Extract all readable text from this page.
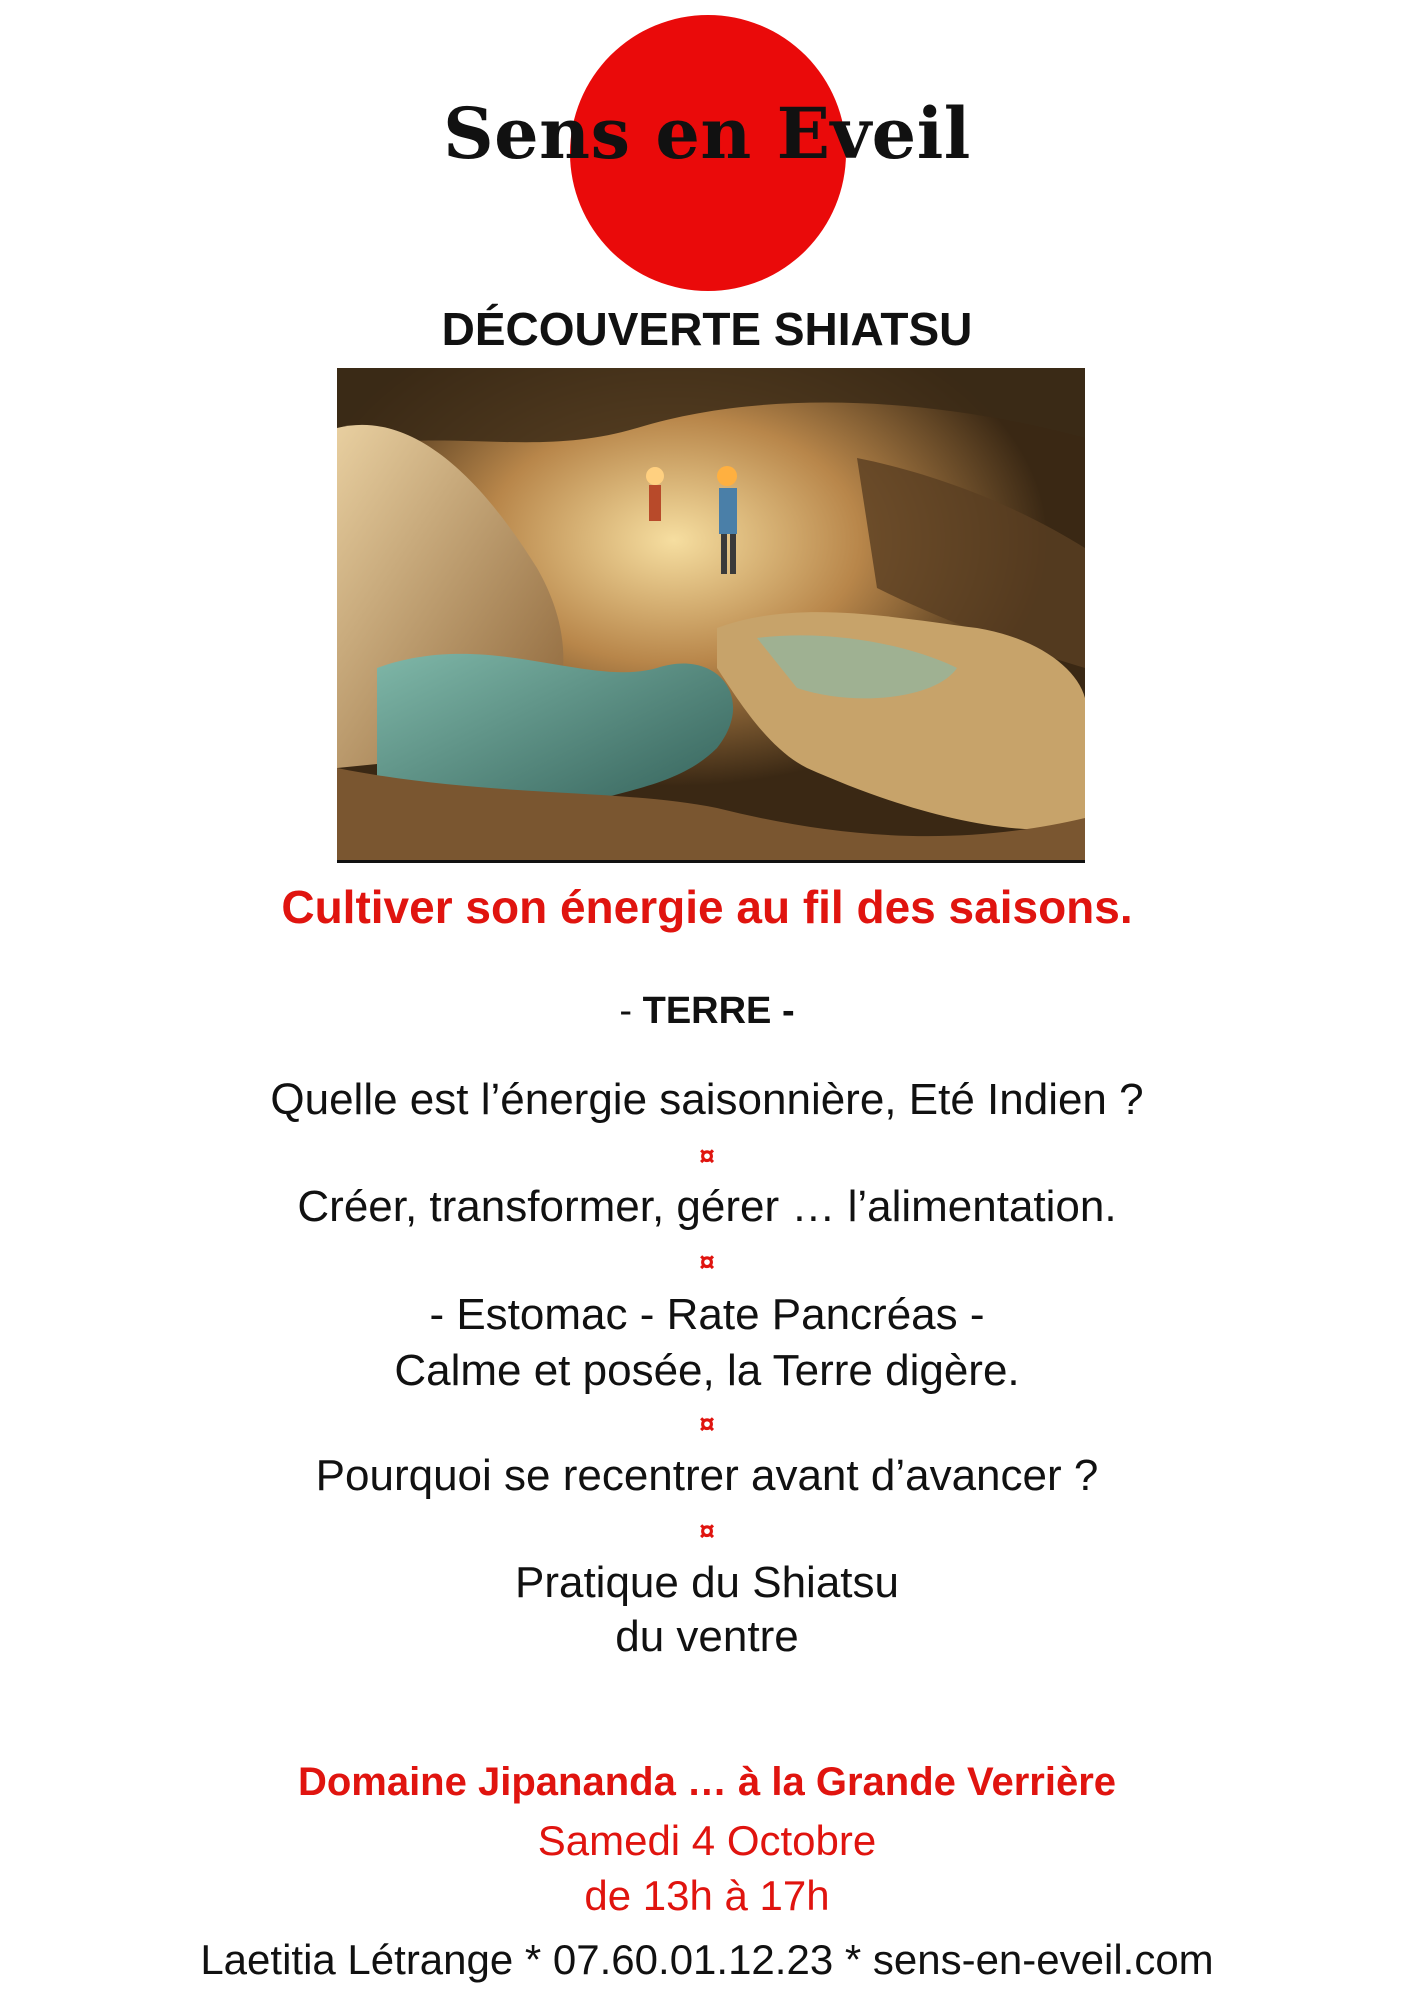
Sens en Eveil
DÉCOUVERTE SHIATSU
Cultiver son énergie au fil des saisons.
- TERRE -
Quelle est l’énergie saisonnière, Eté Indien ?
¤
Créer, transformer, gérer … l’alimentation.
¤
- Estomac - Rate Pancréas -
Calme et posée, la Terre digère.
¤
Pourquoi se recentrer avant d’avancer ?
¤
Pratique du Shiatsu
du ventre
Domaine Jipananda … à la Grande Verrière
Samedi 4 Octobre
de 13h à 17h
Laetitia Létrange * 07.60.01.12.23 * sens-en-eveil.com
